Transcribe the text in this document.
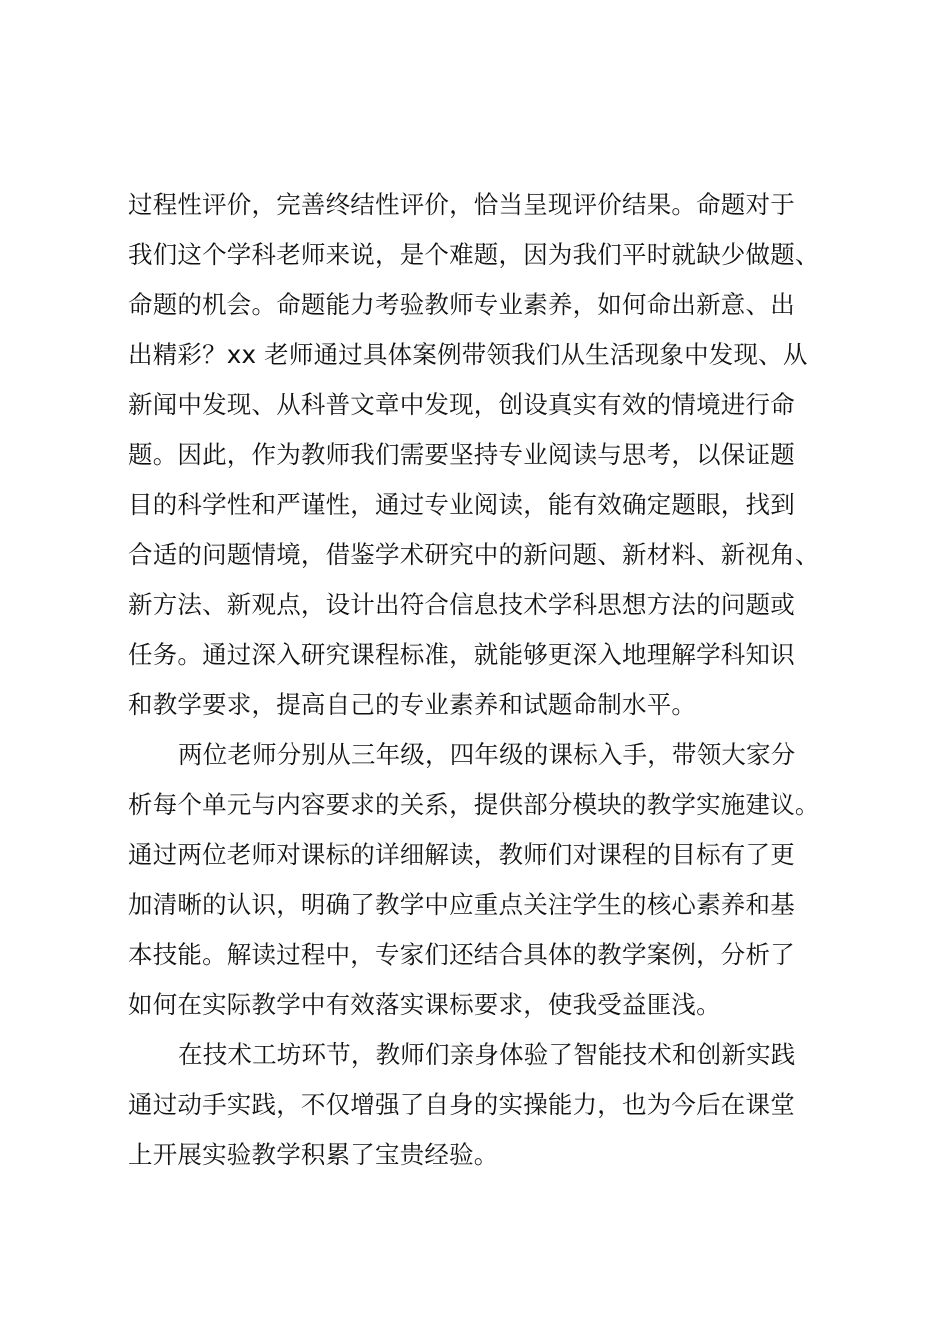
过程性评价，完善终结性评价，恰当呈现评价结果。命题对于
我们这个学科老师来说，是个难题，因为我们平时就缺少做题、
命题的机会。命题能力考验教师专业素养，如何命出新意、出
出精彩？xx 老师通过具体案例带领我们从生活现象中发现、从
新闻中发现、从科普文章中发现，创设真实有效的情境进行命
题。因此，作为教师我们需要坚持专业阅读与思考，以保证题
目的科学性和严谨性，通过专业阅读，能有效确定题眼，找到
合适的问题情境，借鉴学术研究中的新问题、新材料、新视角、
新方法、新观点，设计出符合信息技术学科思想方法的问题或
任务。通过深入研究课程标准，就能够更深入地理解学科知识
和教学要求，提高自己的专业素养和试题命制水平。
两位老师分别从三年级，四年级的课标入手，带领大家分
析每个单元与内容要求的关系，提供部分模块的教学实施建议。
通过两位老师对课标的详细解读，教师们对课程的目标有了更
加清晰的认识，明确了教学中应重点关注学生的核心素养和基
本技能。解读过程中，专家们还结合具体的教学案例，分析了
如何在实际教学中有效落实课标要求，使我受益匪浅。
在技术工坊环节，教师们亲身体验了智能技术和创新实践
通过动手实践，不仅增强了自身的实操能力，也为今后在课堂
上开展实验教学积累了宝贵经验。
